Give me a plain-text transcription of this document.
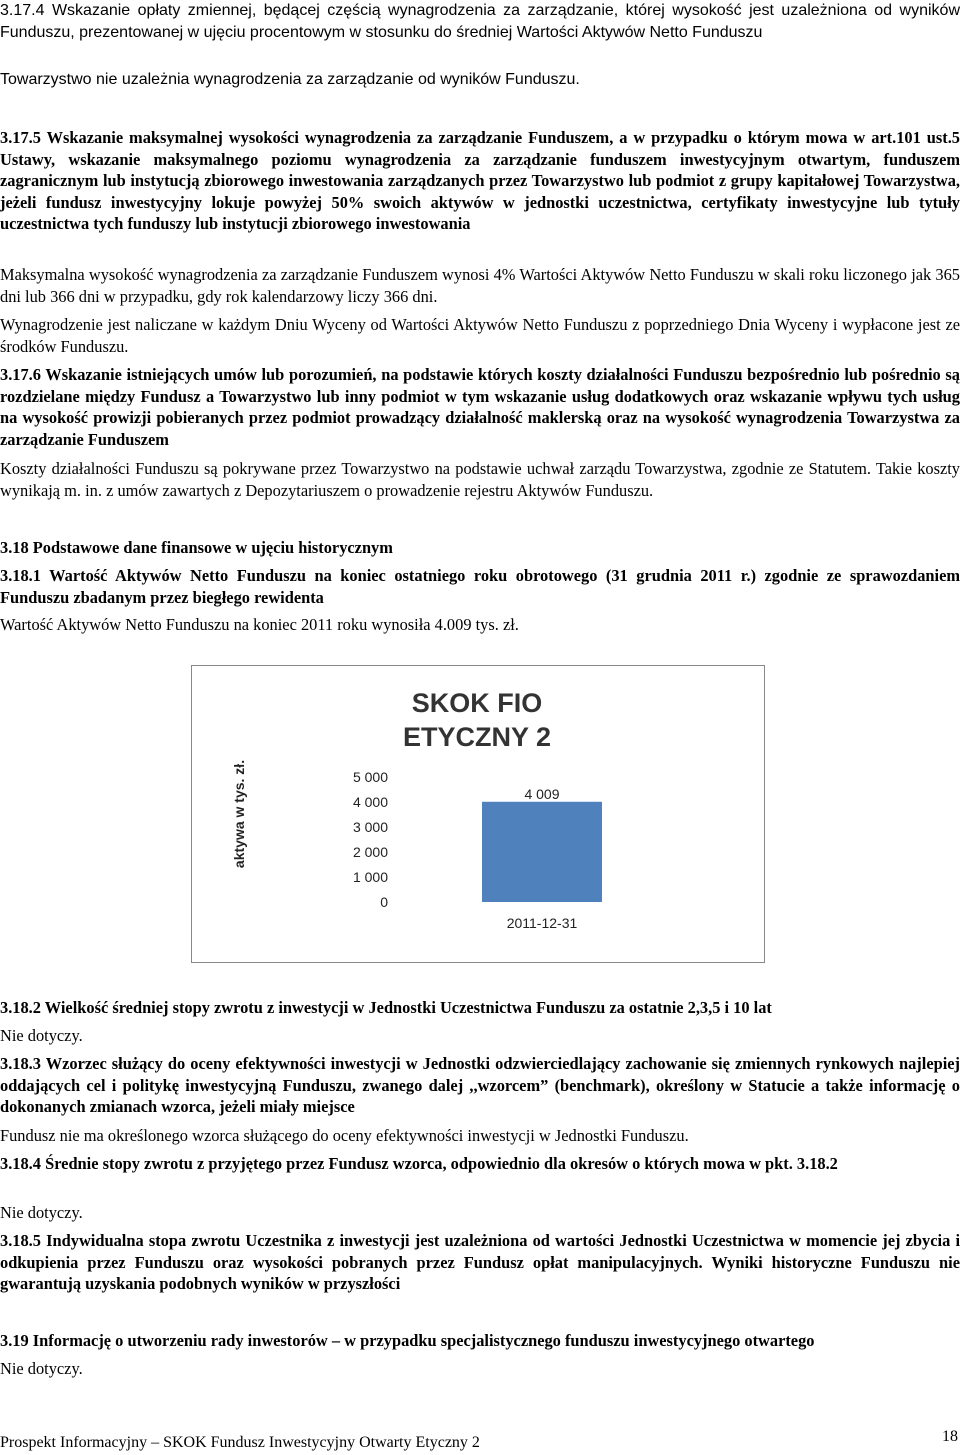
3.17.4 Wskazanie opłaty zmiennej, będącej częścią wynagrodzenia za zarządzanie, której wysokość jest uzależniona od wyników Funduszu, prezentowanej w ujęciu procentowym w stosunku do średniej Wartości Aktywów Netto Funduszu
Towarzystwo nie uzależnia wynagrodzenia za zarządzanie od wyników Funduszu.
3.17.5 Wskazanie maksymalnej wysokości wynagrodzenia za zarządzanie Funduszem, a w przypadku o którym mowa w art.101 ust.5 Ustawy, wskazanie maksymalnego poziomu wynagrodzenia za zarządzanie funduszem inwestycyjnym otwartym, funduszem zagranicznym lub instytucją zbiorowego inwestowania zarządzanych przez Towarzystwo lub podmiot z grupy kapitałowej Towarzystwa, jeżeli fundusz inwestycyjny lokuje powyżej 50% swoich aktywów w jednostki uczestnictwa, certyfikaty inwestycyjne lub tytuły uczestnictwa tych funduszy lub instytucji zbiorowego inwestowania
Maksymalna wysokość wynagrodzenia za zarządzanie Funduszem wynosi 4% Wartości Aktywów Netto Funduszu w skali roku liczonego jak 365 dni lub 366 dni w przypadku, gdy rok kalendarzowy liczy 366 dni.
Wynagrodzenie jest naliczane w każdym Dniu Wyceny od Wartości Aktywów Netto Funduszu z poprzedniego Dnia Wyceny i wypłacone jest ze środków Funduszu.
3.17.6 Wskazanie istniejących umów lub porozumień, na podstawie których koszty działalności Funduszu bezpośrednio lub pośrednio są rozdzielane między Fundusz a Towarzystwo lub inny podmiot w tym wskazanie usług dodatkowych oraz wskazanie wpływu tych usług na wysokość prowizji pobieranych przez podmiot prowadzący działalność maklerską oraz na wysokość wynagrodzenia Towarzystwa za zarządzanie Funduszem
Koszty działalności Funduszu są pokrywane przez Towarzystwo na podstawie uchwał zarządu Towarzystwa, zgodnie ze Statutem. Takie koszty wynikają m. in. z umów zawartych z Depozytariuszem o prowadzenie rejestru Aktywów Funduszu.
3.18 Podstawowe dane finansowe w ujęciu historycznym
3.18.1 Wartość Aktywów Netto Funduszu na koniec ostatniego roku obrotowego (31 grudnia 2011 r.) zgodnie ze sprawozdaniem Funduszu zbadanym przez biegłego rewidenta
Wartość Aktywów Netto Funduszu na koniec 2011 roku wynosiła 4.009 tys. zł.
SKOK FIO
ETYCZNY 2
aktywa w tys. zł.
0
1 000
2 000
3 000
4 000
5 000
4 009
2011-12-31
3.18.2 Wielkość średniej stopy zwrotu z inwestycji w Jednostki Uczestnictwa Funduszu za ostatnie 2,3,5 i 10 lat
Nie dotyczy.
3.18.3 Wzorzec służący do oceny efektywności inwestycji w Jednostki odzwierciedlający zachowanie się zmiennych rynkowych najlepiej oddających cel i politykę inwestycyjną Funduszu, zwanego dalej ,,wzorcem” (benchmark), określony w Statucie a także informację o dokonanych zmianach wzorca, jeżeli miały miejsce
Fundusz nie ma określonego wzorca służącego do oceny efektywności inwestycji w Jednostki Funduszu.
3.18.4 Średnie stopy zwrotu z przyjętego przez Fundusz wzorca, odpowiednio dla okresów o których mowa w pkt. 3.18.2
Nie dotyczy.
3.18.5 Indywidualna stopa zwrotu Uczestnika z inwestycji jest uzależniona od wartości Jednostki Uczestnictwa w momencie jej zbycia i odkupienia przez Funduszu oraz wysokości pobranych przez Fundusz opłat manipulacyjnych. Wyniki historyczne Funduszu nie gwarantują uzyskania podobnych wyników w przyszłości
3.19 Informację o utworzeniu rady inwestorów – w przypadku specjalistycznego funduszu inwestycyjnego otwartego
Nie dotyczy.
Prospekt Informacyjny – SKOK Fundusz Inwestycyjny Otwarty Etyczny 2	18
